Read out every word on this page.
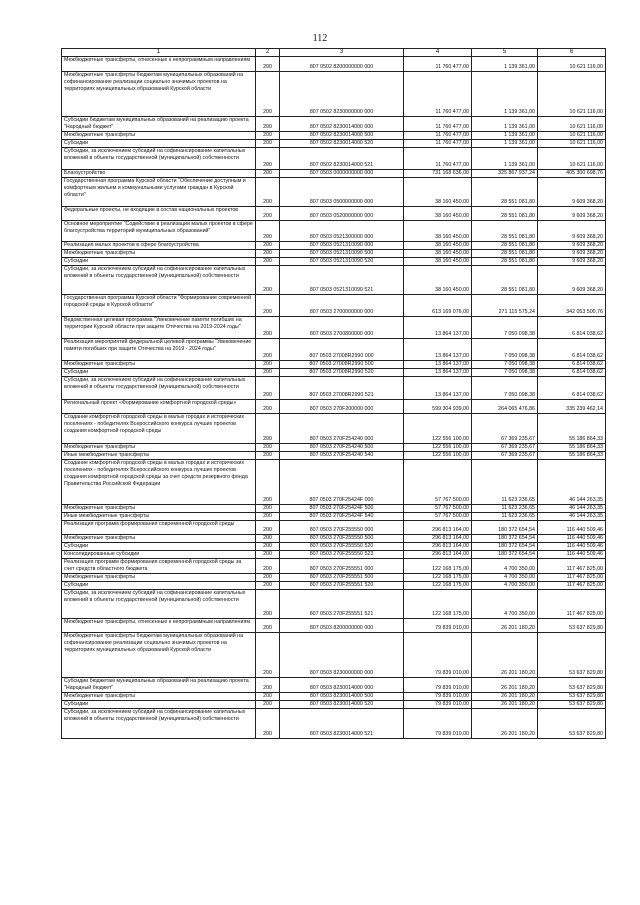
112
1	2	3	4	5	6
Межбюджетные трансферты, отнесенные к непрограммным направлениям	200	807 0502 8200000000 000	11 760 477,00	1 139 361,00	10 621 116,00
Межбюджетные трансферты бюджетам муниципальных образований на софинансирование реализации социально значимых проектов на территориях муниципальных образований Курской области	200	807 0502 8230000000 000	11 760 477,00	1 139 361,00	10 621 116,00
Субсидии бюджетам муниципальных образований на реализацию проекта "Народный бюджет"	200	807 0502 8230014000 000	11 760 477,00	1 139 361,00	10 621 116,00
Межбюджетные трансферты	200	807 0502 8230014000 500	11 760 477,00	1 139 361,00	10 621 116,00
Субсидии	200	807 0502 8230014000 520	11 760 477,00	1 139 361,00	10 621 116,00
Субсидии, за исключением субсидий на софинансирование капитальных вложений в объекты государственной (муниципальной) собственности	200	807 0502 8230014000 521	11 760 477,00	1 139 361,00	10 621 116,00
Благоустройство	200	807 0503 0000000000 000	731 168 636,00	325 867 937,24	405 300 698,76
Государственная программа Курской области "Обеспечение доступным и комфортным жильем и коммунальными услугами граждан в Курской области"	200	807 0503 0500000000 000	38 160 450,00	28 551 081,80	9 609 368,20
Федеральные проекты, не входящие в состав национальных проектов	200	807 0503 0520000000 000	38 160 450,00	28 551 081,80	9 609 368,20
Основное мероприятие "Содействие в реализации малых проектов в сфере благоустройства территорий муниципальных образований"	200	807 0503 0521300000 000	38 160 450,00	28 551 081,80	9 609 368,20
Реализация малых проектов в сфере благоустройства	200	807 0503 0521310090 000	38 160 450,00	28 551 081,80	9 609 368,20
Межбюджетные трансферты	200	807 0503 0521310090 500	38 160 450,00	28 551 081,80	9 609 368,20
Субсидии	200	807 0503 0521310090 520	38 160 450,00	28 551 081,80	9 609 368,20
Субсидии, за исключением субсидий на софинансирование капитальных вложений в объекты государственной (муниципальной) собственности	200	807 0503 0521310090 521	38 160 450,00	28 551 081,80	9 609 368,20
Государственная программа Курской области "Формирование современной городской среды в Курской области"	200	807 0503 2700000000 000	613 169 076,00	271 115 575,24	342 053 500,76
Ведомственная целевая программа "Увековечение памяти погибших на территории Курской области при защите Отечества на 2019-2024 годы"	200	807 0503 2700800000 000	13 864 137,00	7 050 098,38	6 814 038,62
Реализация мероприятий федеральной целевой программы "Увековечение памяти погибших при защите Отечества на 2019 - 2024 годы"	200	807 0503 27008R2990 000	13 864 137,00	7 050 098,38	6 814 038,62
Межбюджетные трансферты	200	807 0503 27008R2990 500	13 864 137,00	7 050 098,38	6 814 038,62
Субсидии	200	807 0503 27008R2990 520	13 864 137,00	7 050 098,38	6 814 038,62
Субсидии, за исключением субсидий на софинансирование капитальных вложений в объекты государственной (муниципальной) собственности	200	807 0503 27008R2990 521	13 864 137,00	7 050 098,38	6 814 038,62
Региональный проект «Формирование комфортной городской среды»	200	807 0503 270F200000 000	599 304 939,00	264 065 476,86	335 239 462,14
Создание комфортной городской среды в малых городах и исторических поселениях - победителях Всероссийского конкурса лучших проектов создания комфортной городской среды	200	807 0503 270F254240 000	122 556 100,00	67 369 235,67	55 186 864,33
Межбюджетные трансферты	200	807 0503 270F254240 500	122 556 100,00	67 369 235,67	55 186 864,33
Иные межбюджетные трансферты	200	807 0503 270F254240 540	122 556 100,00	67 369 235,67	55 186 864,33
Создание комфортной городской среды в малых городах и исторических поселениях - победителях Всероссийского конкурса лучших проектов создания комфортной городской среды за счет средств резервного фонда Правительства Российской Федерации	200	807 0503 270F25424F 000	57 767 500,00	11 623 236,65	46 144 263,35
Межбюджетные трансферты	200	807 0503 270F25424F 500	57 767 500,00	11 623 236,65	46 144 263,35
Иные межбюджетные трансферты	200	807 0503 270F25424F 540	57 767 500,00	11 623 236,65	46 144 263,35
Реализация программ формирования современной городской среды	200	807 0503 270F255550 000	296 813 164,00	180 372 654,54	116 440 509,46
Межбюджетные трансферты	200	807 0503 270F255550 500	296 813 164,00	180 372 654,54	116 440 509,46
Субсидии	200	807 0503 270F255550 520	296 813 164,00	180 372 654,54	116 440 509,46
Консолидированные субсидии	200	807 0503 270F255550 523	296 813 164,00	180 372 654,54	116 440 509,46
Реализация программ формирования современной городской среды за счет средств областного бюджета	200	807 0503 270F255551 000	122 168 175,00	4 700 350,00	117 467 825,00
Межбюджетные трансферты	200	807 0503 270F255551 500	122 168 175,00	4 700 350,00	117 467 825,00
Субсидии	200	807 0503 270F255551 520	122 168 175,00	4 700 350,00	117 467 825,00
Субсидии, за исключением субсидий на софинансирование капитальных вложений в объекты государственной (муниципальной) собственности	200	807 0503 270F255551 521	122 168 175,00	4 700 350,00	117 467 825,00
Межбюджетные трансферты, отнесенные к непрограммным направлениям	200	807 0503 8200000000 000	79 839 010,00	26 201 180,20	53 637 829,80
Межбюджетные трансферты бюджетам муниципальных образований на софинансирование реализации социально значимых проектов на территориях муниципальных образований Курской области	200	807 0503 8230000000 000	79 839 010,00	26 201 180,20	53 637 829,80
Субсидии бюджетам муниципальных образований на реализацию проекта "Народный бюджет"	200	807 0503 8230014000 000	79 839 010,00	26 201 180,20	53 637 829,80
Межбюджетные трансферты	200	807 0503 8230014000 500	79 839 010,00	26 201 180,20	53 637 829,80
Субсидии	200	807 0503 8230014000 520	79 839 010,00	26 201 180,20	53 637 829,80
Субсидии, за исключением субсидий на софинансирование капитальных вложений в объекты государственной (муниципальной) собственности	200	807 0503 8230014000 521	79 839 010,00	26 201 180,20	53 637 829,80
